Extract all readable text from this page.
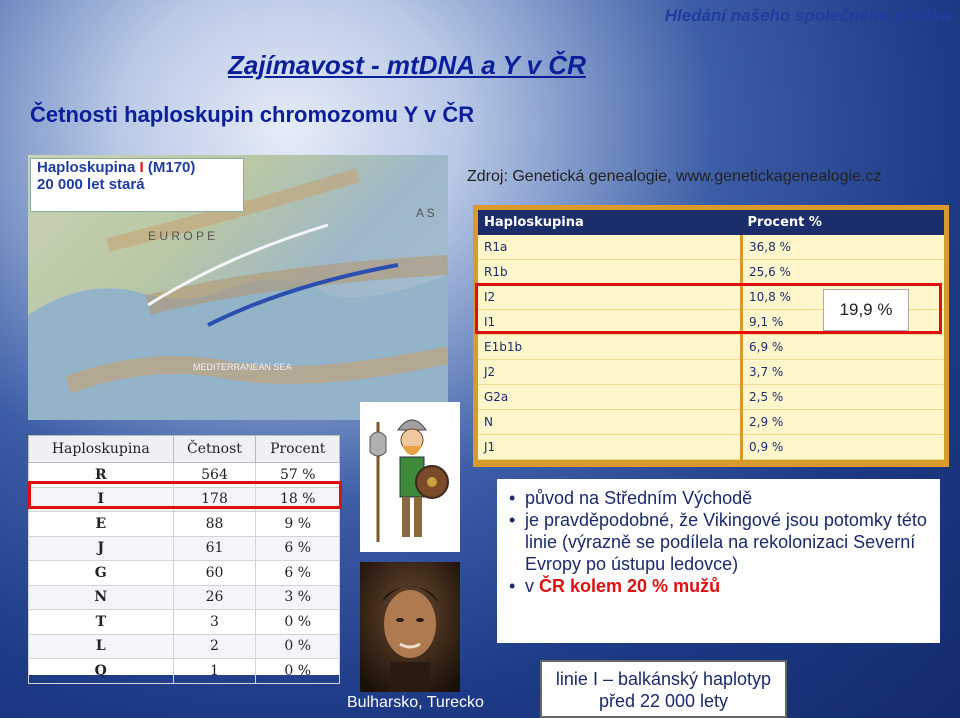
Hledání našeho společného předka
Zajímavost - mtDNA a Y v ČR
Četnosti haploskupin chromozomu Y v ČR
E U R O P E
A S
MEDITERRANEAN SEA
Haploskupina I (M170)
20 000 let stará	Zdroj: Genetická genealogie, www.genetickagenealogie.cz
Haploskupina	Procent %
R1a	36,8 %
R1b	25,6 %
I2	10,8 %
I1	9,1 %
E1b1b	6,9 %
J2	3,7 %
G2a	2,5 %
N	2,9 %
J1	0,9 %
19,9 %
Haploskupina	Četnost	Procent
R	564	57 %
I	178	18 %
E	88	9 %
J	61	6 %
G	60	6 %
N	26	3 %
T	3	0 %
L	2	0 %
Q	1	0 %
Bulharsko, Turecko
• původ na Středním Východě
• je pravděpodobné, že Vikingové jsou potomky této linie (výrazně se podílela na rekolonizaci Severní Evropy po ústupu ledovce)
• v ČR kolem 20 % mužů
linie I – balkánský haplotyp
před 22 000 lety
